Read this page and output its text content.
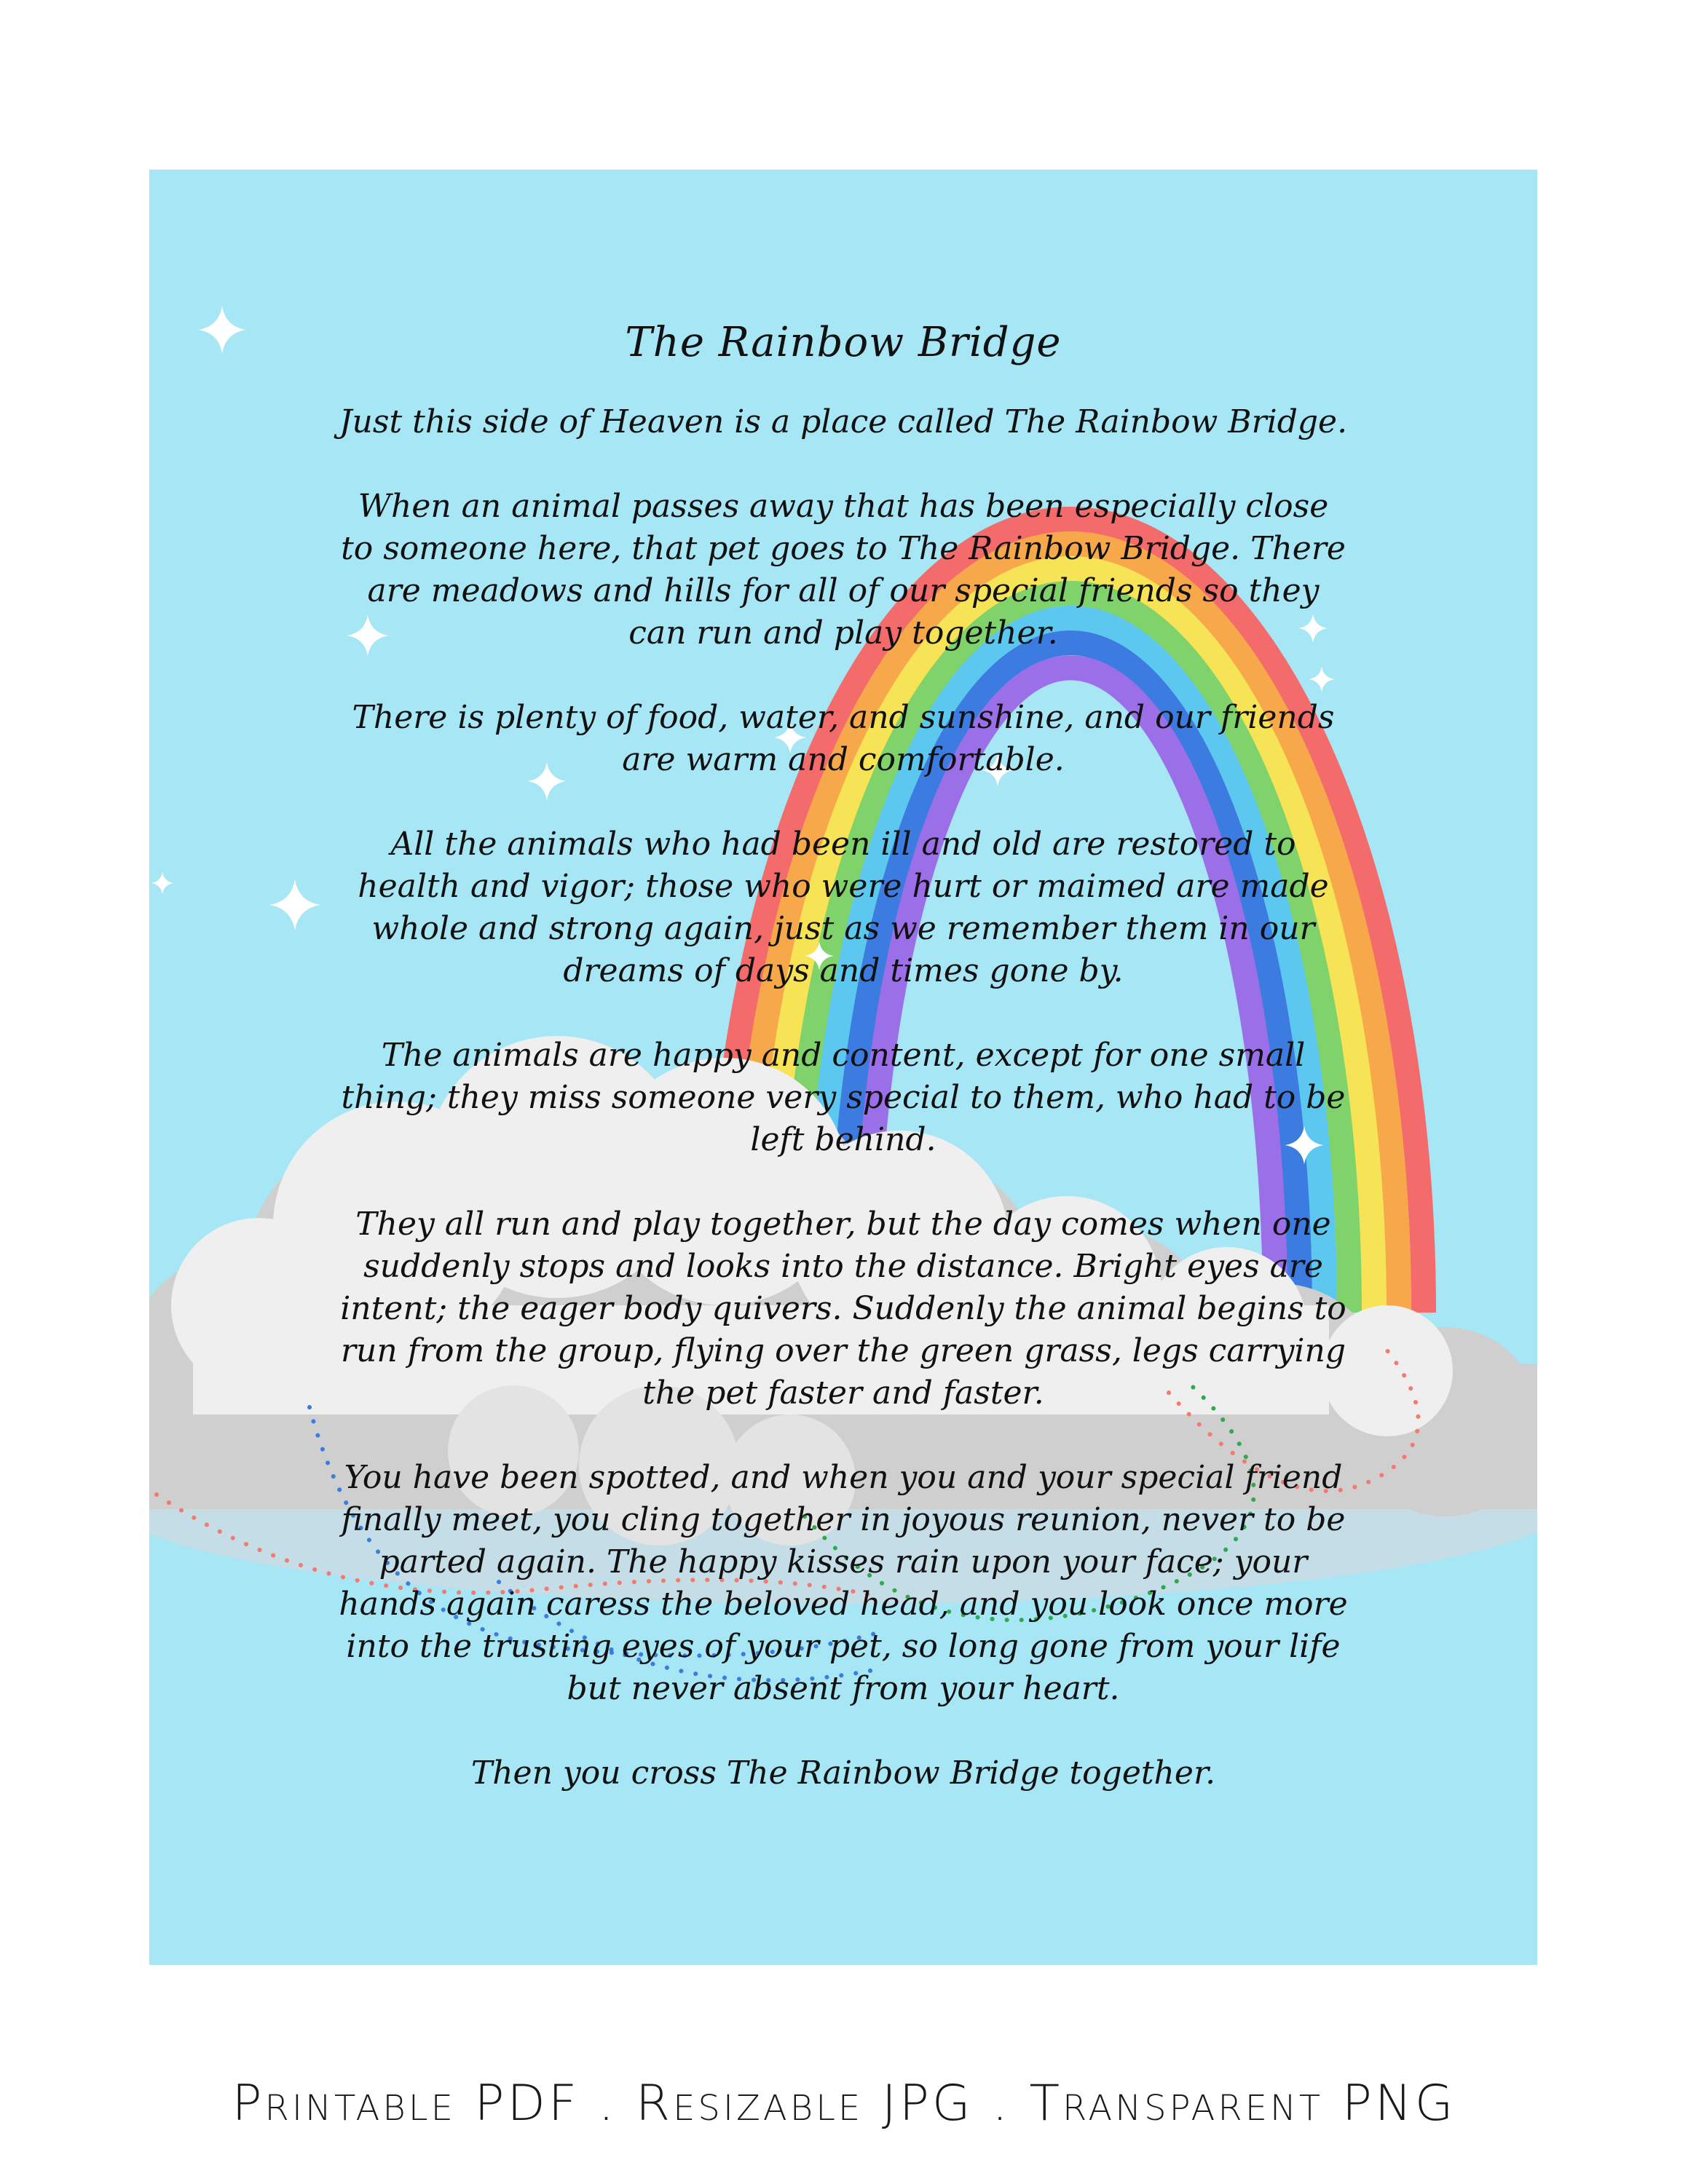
The Rainbow Bridge

Just this side of Heaven is a place called The Rainbow Bridge.

When an animal passes away that has been especially close
to someone here, that pet goes to The Rainbow Bridge. There
are meadows and hills for all of our special friends so they
can run and play together.

There is plenty of food, water, and sunshine, and our friends
are warm and comfortable.

All the animals who had been ill and old are restored to
health and vigor; those who were hurt or maimed are made
whole and strong again, just as we remember them in our
dreams of days and times gone by.

The animals are happy and content, except for one small
thing; they miss someone very special to them, who had to be
left behind.

They all run and play together, but the day comes when one
suddenly stops and looks into the distance. Bright eyes are
intent; the eager body quivers. Suddenly the animal begins to
run from the group, flying over the green grass, legs carrying
the pet faster and faster.

You have been spotted, and when you and your special friend
finally meet, you cling together in joyous reunion, never to be
parted again. The happy kisses rain upon your face; your
hands again caress the beloved head, and you look once more
into the trusting eyes of your pet, so long gone from your life
but never absent from your heart.

Then you cross The Rainbow Bridge together.

Printable PDF . Resizable JPG . Transparent PNG
